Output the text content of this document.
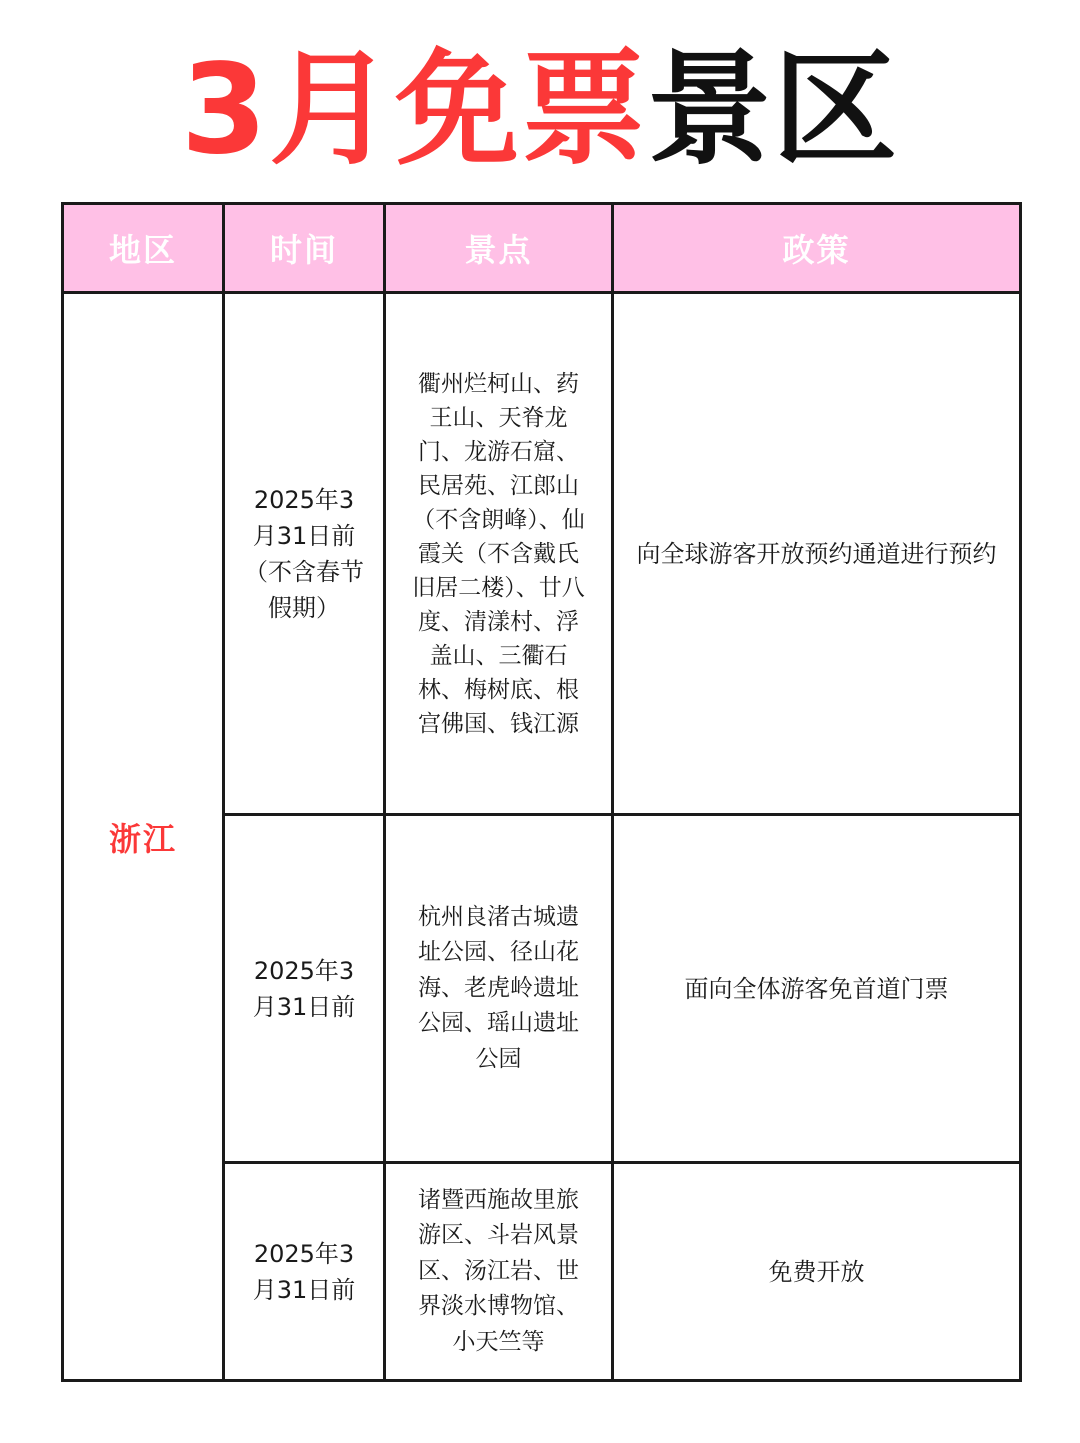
3月免票景区
地区	时间	景点	政策
浙江	2025年3月31日前（不含春节假期）	衢州烂柯山、药王山、天脊龙门、龙游石窟、民居苑、江郎山（不含朗峰）、仙霞关（不含戴氏旧居二楼）、廿八度、清漾村、浮盖山、三衢石林、梅树底、根宫佛国、钱江源	向全球游客开放预约通道进行预约

	2025年3月31日前	杭州良渚古城遗址公园、径山花海、老虎岭遗址公园、瑶山遗址公园	面向全体游客免首道门票

	2025年3月31日前	诸暨西施故里旅游区、斗岩风景区、汤江岩、世界淡水博物馆、小天竺等	免费开放
